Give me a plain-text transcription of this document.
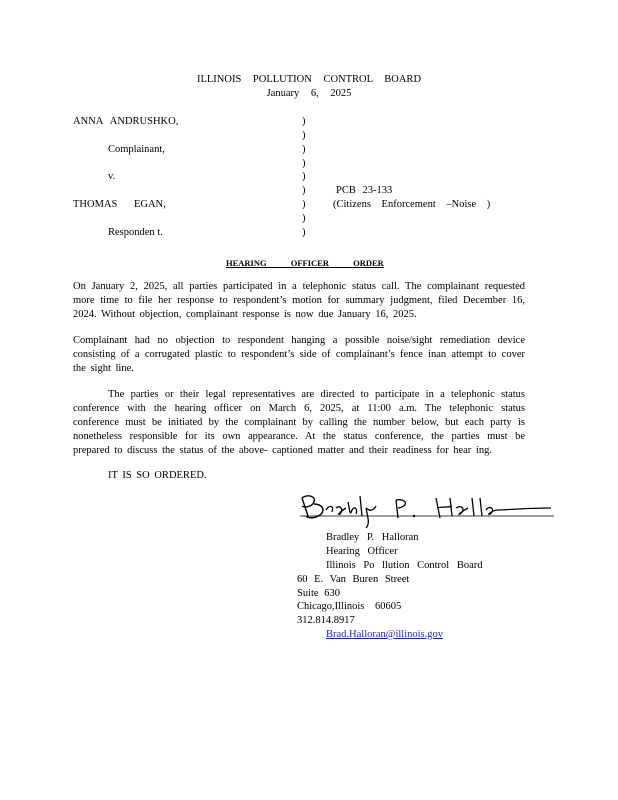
ILLINOIS POLLUTION CONTROL BOARD
January 6, 2025
ANNA ANDRUSHKO,
Complainant,
v.
THOMAS EGAN,
Responden t.
)
)
)
)
)
)
)
)
)
PCB 23-133
(Citizens Enforcement –Noise )
HEARING OFFICER ORDER
On January 2, 2025, all parties participated in a telephonic status call. The complainant requested more time to file her response to respondent’s motion for summary judgment, filed December 16, 2024. Without objection, complainant response is now due January 16, 2025.
Complainant had no objection to respondent hanging a possible noise/sight remediation device consisting of a corrugated plastic to respondent’s side of complainant’s fence inan attempt to cover the sight line.
The parties or their legal representatives are directed to participate in a telephonic status conference with the hearing officer on March 6, 2025, at 11:00 a.m. The telephonic status conference must be initiated by the complainant by calling the number below, but each party is nonetheless responsible for its own appearance. At the status conference, the parties must be prepared to discuss the status of the above- captioned matter and their readiness for hear ing.
IT IS SO ORDERED.
Bradley P. Halloran
Hearing Officer
Illinois Po llution Control Board
60 E. Van Buren Street
Suite 630
Chicago,Illinois 60605
312.814.8917
Brad.Halloran@illinois.gov
